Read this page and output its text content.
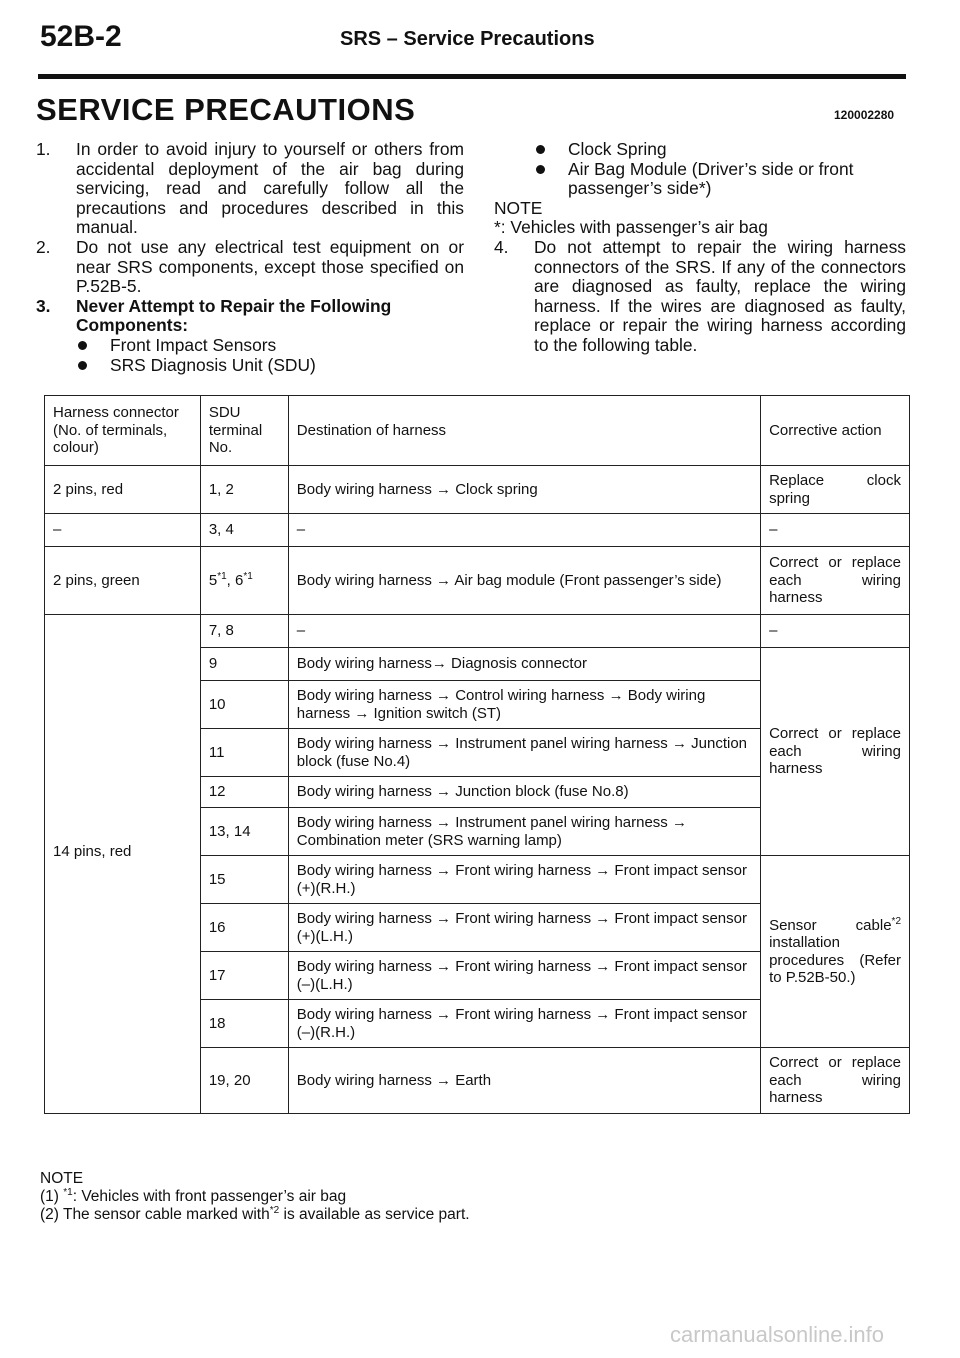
52B-2	SRS – Service Precautions
SERVICE PRECAUTIONS	120002280
1.	In order to avoid injury to yourself or others from accidental deployment of the air bag during servicing, read and carefully follow all the precautions and procedures described in this manual.
2.	Do not use any electrical test equipment on or near SRS components, except those specified on P.52B-5.
3.	Never Attempt to Repair the Following Components:
Front Impact Sensors
SRS Diagnosis Unit (SDU)
Clock Spring
Air Bag Module (Driver’s side or front passenger’s side*)
NOTE
*: Vehicles with passenger’s air bag
4.	Do not attempt to repair the wiring harness connectors of the SRS. If any of the connectors are diagnosed as faulty, replace the wiring harness. If the wires are diagnosed as faulty, replace or repair the wiring harness according to the following table.
Harness connector (No. of terminals, colour)	SDU terminal No.	Destination of harness	Corrective action
2 pins, red	1, 2	Body wiring harness → Clock spring	Replace clock spring
–	3, 4	–	–
2 pins, green	5$^{*1}$, 6$^{*1}$	Body wiring harness → Air bag module (Front passenger’s side)	Correct or replace each wiring harness
14 pins, red	7, 8	–	–
	9	Body wiring harness→ Diagnosis connector	Correct or replace each wiring harness
	10	Body wiring harness → Control wiring harness → Body wiring harness → Ignition switch (ST)	
	11	Body wiring harness → Instrument panel wiring harness → Junction block (fuse No.4)	
	12	Body wiring harness → Junction block (fuse No.8)	
	13, 14	Body wiring harness → Instrument panel wiring harness → Combination meter (SRS warning lamp)	
	15	Body wiring harness → Front wiring harness → Front impact sensor (+)(R.H.)	Sensor cable$^{*2}$ installation procedures (Refer to P.52B-50.)
	16	Body wiring harness → Front wiring harness → Front impact sensor (+)(L.H.)	
	17	Body wiring harness → Front wiring harness → Front impact sensor (–)(L.H.)	
	18	Body wiring harness → Front wiring harness → Front impact sensor (–)(R.H.)	
	19, 20	Body wiring harness → Earth	Correct or replace each wiring harness
NOTE
(1) $^{*1}$: Vehicles with front passenger’s air bag
(2) The sensor cable marked with$^{*2}$ is available as service part.
carmanualsonline.info
